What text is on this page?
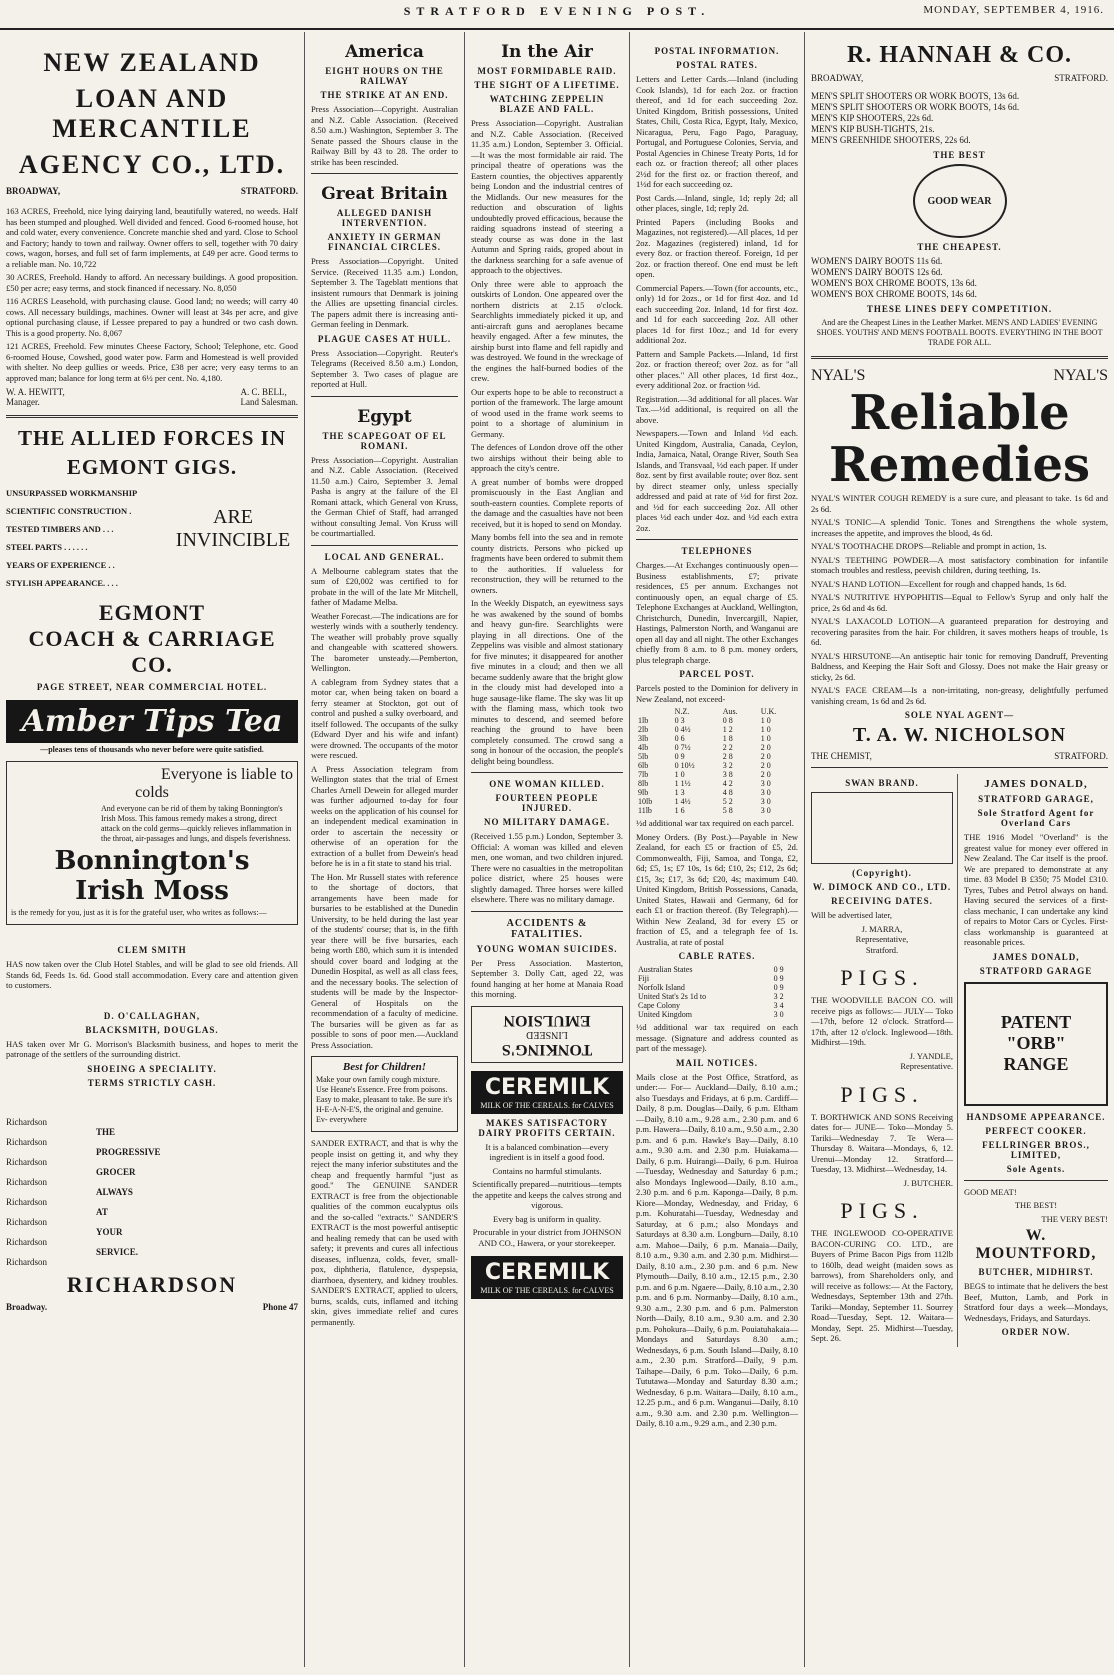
STRATFORD EVENING POST.	MONDAY, SEPTEMBER 4, 1916.
NEW ZEALAND
LOAN AND MERCANTILE
AGENCY CO., LTD.
BROADWAY,	STRATFORD.
163 ACRES, Freehold, nice lying dairying land, beautifully watered, no weeds. Half has been stumped and ploughed. Well divided and fenced. Good 6-roomed house, hot and cold water, every convenience. Concrete manchie shed and yard. Close to School and Factory; handy to town and railway. Owner offers to sell, together with 70 dairy cows, wagon, horses, and full set of farm implements, at £49 per acre. Good terms to a reliable man. No. 10,722
30 ACRES, Freehold. Handy to afford. An necessary buildings. A good proposition. £50 per acre; easy terms, and stock financed if necessary. No. 8,050
116 ACRES Leasehold, with purchasing clause. Good land; no weeds; will carry 40 cows. All necessary buildings, machines. Owner will least at 34s per acre, and give optional purchasing clause, if Lessee prepared to pay a hundred or two cash down. This is a good property. No. 8,067
121 ACRES, Freehold. Few minutes Cheese Factory, School; Telephone, etc. Good 6-roomed House, Cowshed, good water pow. Farm and Homestead is well provided with shelter. No deep gullies or weeds. Price, £38 per acre; very easy terms to an approved man; balance for long term at 6½ per cent. No. 4,180.
W. A. HEWITT,
Manager.
A. C. BELL,
Land Salesman.
THE ALLIED FORCES IN
EGMONT GIGS.
UNSURPASSED WORKMANSHIP
SCIENTIFIC CONSTRUCTION .
TESTED TIMBERS AND . . .
STEEL PARTS . . . . . .
YEARS OF EXPERIENCE . .
STYLISH APPEARANCE. . . .
ARE
INVINCIBLE
EGMONT
COACH & CARRIAGE CO.
PAGE STREET, NEAR COMMERCIAL HOTEL.
Amber Tips Tea
—pleases tens of thousands who never before were quite satisfied.
Everyone is liable to
colds
And everyone can be rid of them by taking Bonnington's Irish Moss. This famous remedy makes a strong, direct attack on the cold germs—quickly relieves inflammation in the throat, air-passages and lungs, and dispels feverishness.
Bonnington's
Irish Moss
is the remedy for you, just as it is for the grateful user, who writes as follows:—
CLEM SMITH
HAS now taken over the Club Hotel Stables, and will be glad to see old friends. All Stands 6d, Feeds 1s. 6d. Good stall accommodation. Every care and attention given to customers.
D. O'CALLAGHAN,
BLACKSMITH, DOUGLAS.
HAS taken over Mr G. Morrison's Blacksmith business, and hopes to merit the patronage of the settlers of the surrounding district.
SHOEING A SPECIALITY.
TERMS STRICTLY CASH.
Richardson
Richardson
Richardson
Richardson
Richardson
Richardson
Richardson
Richardson
THE
PROGRESSIVE
GROCER
ALWAYS
AT
YOUR
SERVICE.
RICHARDSON
Broadway.	Phone 47
America
EIGHT HOURS ON THE RAILWAY
THE STRIKE AT AN END.
Press Association—Copyright. Australian and N.Z. Cable Association. (Received 8.50 a.m.) Washington, September 3. The Senate passed the Shours clause in the Railway Bill by 43 to 28. The order to strike has been rescinded.
Great Britain
ALLEGED DANISH INTERVENTION.
ANXIETY IN GERMAN FINANCIAL CIRCLES.
Press Association—Copyright. United Service. (Received 11.35 a.m.) London, September 3. The Tageblatt mentions that insistent rumours that Denmark is joining the Allies are upsetting financial circles. The papers admit there is increasing anti-German feeling in Denmark.
PLAGUE CASES AT HULL.
Press Association—Copyright. Reuter's Telegrams (Received 8.50 a.m.) London, September 3. Two cases of plague are reported at Hull.
Egypt
THE SCAPEGOAT OF EL ROMANI.
Press Association—Copyright. Australian and N.Z. Cable Association. (Received 11.50 a.m.) Cairo, September 3. Jemal Pasha is angry at the failure of the El Romani attack, which General von Kruss, the German Chief of Staff, had arranged without consulting Jemal. Von Kruss will be courtmartialled.
LOCAL AND GENERAL.
A Melbourne cablegram states that the sum of £20,002 was certified to for probate in the will of the late Mr Mitchell, father of Madame Melba.
Weather Forecast.—The indications are for westerly winds with a southerly tendency. The weather will probably prove squally and changeable with scattered showers. The barometer unsteady.—Pemberton, Wellington.
A cablegram from Sydney states that a motor car, when being taken on board a ferry steamer at Stockton, got out of control and pushed a sulky overboard, and itself followed. The occupants of the sulky (Edward Dyer and his wife and infant) were drowned. The occupants of the motor were rescued.
A Press Association telegram from Wellington states that the trial of Ernest Charles Arnell Dewein for alleged murder was further adjourned to-day for four weeks on the application of his counsel for an independent medical examination in order to ascertain the necessity or otherwise of an operation for the extraction of a bullet from Dewein's head before he is in a fit state to stand his trial.
The Hon. Mr Russell states with reference to the shortage of doctors, that arrangements have been made for bursaries to be established at the Dunedin University, to be held during the last year of the students' course; that is, in the fifth year there will be five bursaries, each being worth £80, which sum it is intended should cover board and lodging at the Dunedin Hospital, as well as all class fees, and the necessary books. The selection of students will be made by the Inspector-General of Hospitals on the recommendation of a faculty of medicine. The bursaries will be given as far as possible to sons of poor men.—Auckland Press Association.
Best for Children!
Make your own family cough mixture. Use Heane's Essence. Free from poisons. Easy to make, pleasant to take. Be sure it's H-E-A-N-E'S, the original and genuine. Ev- everywhere
SANDER EXTRACT, and that is why the people insist on getting it, and why they reject the many inferior substitutes and the cheap and frequently harmful "just as good." The GENUINE SANDER EXTRACT is free from the objectionable qualities of the common eucalyptus oils and the so-called "extracts." SANDER'S EXTRACT is the most powerful antiseptic and healing remedy that can be used with safety; it prevents and cures all infectious diseases, influenza, colds, fever, small-pox, diphtheria, flatulence, dyspepsia, diarrhoea, dysentery, and kidney troubles. SANDER'S EXTRACT, applied to ulcers, burns, scalds, cuts, inflamed and itching skin, gives immediate relief and cures permanently.
In the Air
MOST FORMIDABLE RAID.
THE SIGHT OF A LIFETIME.
WATCHING ZEPPELIN BLAZE AND FALL.
Press Association—Copyright. Australian and N.Z. Cable Association. (Received 11.35 a.m.) London, September 3. Official.—It was the most formidable air raid. The principal theatre of operations was the Eastern counties, the objectives apparently being London and the industrial centres of the Midlands. Our new measures for the reduction and obscuration of lights undoubtedly proved efficacious, because the raiding squadrons instead of steering a steady course as was done in the last Autumn and Spring raids, groped about in the darkness searching for a safe avenue of approach to the objectives.
Only three were able to approach the outskirts of London. One appeared over the northern districts at 2.15 o'clock. Searchlights immediately picked it up, and anti-aircraft guns and aeroplanes became heavily engaged. After a few minutes, the airship burst into flame and fell rapidly and was destroyed. We found in the wreckage of the engines the half-burned bodies of the crew.
Our experts hope to be able to reconstruct a portion of the framework. The large amount of wood used in the frame work seems to point to a shortage of aluminium in Germany.
The defences of London drove off the other two airships without their being able to approach the city's centre.
A great number of bombs were dropped promiscuously in the East Anglian and south-eastern counties. Complete reports of the damage and the casualties have not been received, but it is hoped to send on Monday.
Many bombs fell into the sea and in remote county districts. Persons who picked up fragments have been ordered to submit them to the authorities. If valueless for reconstruction, they will be returned to the owners.
In the Weekly Dispatch, an eyewitness says he was awakened by the sound of bombs and heavy gun-fire. Searchlights were playing in all directions. One of the Zeppelins was visible and almost stationary for five minutes; it disappeared for another five minutes in a cloud; and then we all became suddenly aware that the bright glow in the cloudy mist had developed into a huge sausage-like flame. The sky was lit up with the flaming mass, which took two minutes to descend, and seemed before reaching the ground to have been completely consumed. The crowd sang a song in honour of the occasion, the people's delight being boundless.
ONE WOMAN KILLED.
FOURTEEN PEOPLE INJURED.
NO MILITARY DAMAGE.
(Received 1.55 p.m.) London, September 3. Official: A woman was killed and eleven men, one woman, and two children injured. There were no casualties in the metropolitan police district, where 25 houses were slightly damaged. Three horses were killed elsewhere. There was no military damage.
ACCIDENTS & FATALITIES.
YOUNG WOMAN SUICIDES.
Per Press Association. Masterton, September 3. Dolly Catt, aged 22, was found hanging at her home at Manaia Road this morning.
TONKING'S
LINSEED
EMULSION
CEREMILK
MILK OF THE CEREALS. for CALVES
MAKES SATISFACTORY DAIRY PROFITS CERTAIN.
It is a balanced combination—every ingredient is in itself a good food.
Contains no harmful stimulants.
Scientifically prepared—nutritious—tempts the appetite and keeps the calves strong and vigorous.
Every bag is uniform in quality.
Procurable in your district from JOHNSON AND CO., Hawera, or your storekeeper.
CEREMILK
MILK OF THE CEREALS. for CALVES
POSTAL INFORMATION.
POSTAL RATES.
Letters and Letter Cards.—Inland (including Cook Islands), 1d for each 2oz. or fraction thereof, and 1d for each succeeding 2oz. United Kingdom, British possessions, United States, Chili, Costa Rica, Egypt, Italy, Mexico, Nicaragua, Peru, Fago Pago, Paraguay, Portugal, and Portuguese Colonies, Servia, and Postal Agencies in Chinese Treaty Ports, 1d for each oz. or fraction thereof; all other places 2½d for the first oz. or fraction thereof, and 1½d for each succeeding oz.
Post Cards.—Inland, single, 1d; reply 2d; all other places, single, 1d; reply 2d.
Printed Papers (including Books and Magazines, not registered).—All places, 1d per 2oz. Magazines (registered) inland, 1d for every 8oz. or fraction thereof. Foreign, 1d per 2oz. or fraction thereof. One end must be left open.
Commercial Papers.—Town (for accounts, etc., only) 1d for 2ozs., or 1d for first 4oz. and 1d each succeeding 2oz. Inland, 1d for first 4oz. and 1d for each succeeding 2oz. All other places 1d for first 10oz.; and 1d for every additional 2oz.
Pattern and Sample Packets.—Inland, 1d first 2oz. or fraction thereof; over 2oz. as for "all other places." All other places, 1d first 4oz., every additional 2oz. or fraction ½d.
Registration.—3d additional for all places. War Tax.—½d additional, is required on all the above.
Newspapers.—Town and Inland ½d each. United Kingdom, Australia, Canada, Ceylon, India, Jamaica, Natal, Orange River, South Sea Islands, and Transvaal, ½d each paper. If under 8oz. sent by first available route; over 8oz. sent by direct steamer only, unless specially addressed and paid at rate of ½d for first 2oz. and ½d for each succeeding 2oz. All other places ½d each under 4oz. and ½d each extra 2oz.
TELEPHONES
Charges.—At Exchanges continuously open—Business establishments, £7; private residences, £5 per annum. Exchanges not continuously open, an equal charge of £5. Telephone Exchanges at Auckland, Wellington, Christchurch, Dunedin, Invercargill, Napier, Hastings, Palmerston North, and Wanganui are open all day and all night. The other Exchanges chiefly from 8 a.m. to 8 p.m. money orders, plus telegraph charge.
PARCEL POST.
Parcels posted to the Dominion for delivery in New Zealand, not exceed-
	N.Z.	Aus.	U.K.
1lb	0 3	0 8	1 0
2lb	0 4½	1 2	1 0
3lb	0 6	1 8	1 0
4lb	0 7½	2 2	2 0
5lb	0 9	2 8	2 0
6lb	0 10½	3 2	2 0
7lb	1 0	3 8	2 0
8lb	1 1½	4 2	3 0
9lb	1 3	4 8	3 0
10lb	1 4½	5 2	3 0
11lb	1 6	5 8	3 0
½d additional war tax required on each parcel.
Money Orders. (By Post.)—Payable in New Zealand, for each £5 or fraction of £5, 2d. Commonwealth, Fiji, Samoa, and Tonga, £2, 6d; £5, 1s; £7 10s, 1s 6d; £10, 2s; £12, 2s 6d; £15, 3s; £17, 3s 6d; £20, 4s; maximum £40. United Kingdom, British Possessions, Canada, United States, Hawaii and Germany, 6d for each £1 or fraction thereof. (By Telegraph).—Within New Zealand, 3d for every £5 or fraction of £5, and a telegraph fee of 1s. Australia, at rate of postal
CABLE RATES.
Australian States	0 9
Fiji	0 9
Norfolk Island	0 9
United Stat's 2s 1d to	3 2
Cape Colony	3 4
United Kingdom	3 0
½d additional war tax required on each message. (Signature and address counted as part of the message).
MAIL NOTICES.
Mails close at the Post Office, Stratford, as under:— For— Auckland—Daily, 8.10 a.m.; also Tuesdays and Fridays, at 6 p.m. Cardiff—Daily, 8 p.m. Douglas—Daily, 6 p.m. Eltham—Daily, 8.10 a.m., 9.28 a.m., 2.30 p.m. and 6 p.m. Hawera—Daily, 8.10 a.m., 9.50 a.m., 2.30 p.m. and 6 p.m. Hawke's Bay—Daily, 8.10 a.m., 9.30 a.m. and 2.30 p.m. Huiakama—Daily, 6 p.m. Huirangi—Daily, 6 p.m. Huiroa—Tuesday, Wednesday and Saturday 6 p.m.; also Mondays Inglewood—Daily, 8.10 a.m., 2.30 p.m. and 6 p.m. Kaponga—Daily, 8 p.m. Kiore—Monday, Wednesday, and Friday, 6 p.m. Kohuratahi—Tuesday, Wednesday and Saturday, at 6 p.m.; also Mondays and Saturdays at 8.30 a.m. Longburn—Daily, 8.10 a.m. Mahoe—Daily, 6 p.m. Manaia—Daily, 8.10 a.m., 9.30 a.m. and 2.30 p.m. Midhirst—Daily, 8.10 a.m., 2.30 p.m. and 6 p.m. New Plymouth—Daily, 8.10 a.m., 12.15 p.m., 2.30 p.m. and 6 p.m. Ngaere—Daily, 8.10 a.m., 2.30 p.m. and 6 p.m. Normanby—Daily, 8.10 a.m., 9.30 a.m., 2.30 p.m. and 6 p.m. Palmerston North—Daily, 8.10 a.m., 9.30 a.m. and 2.30 p.m. Pohokura—Daily, 6 p.m. Pouiatuhakaia—Mondays and Saturdays 8.30 a.m.; Wednesdays, 6 p.m. South Island—Daily, 8.10 a.m., 2.30 p.m. Stratford—Daily, 9 p.m. Taihape—Daily, 6 p.m. Toko—Daily, 6 p.m. Tututawa—Monday and Saturday 8.30 a.m.; Wednesday, 6 p.m. Waitara—Daily, 8.10 a.m., 12.25 p.m., and 6 p.m. Wanganui—Daily, 8.10 a.m., 9.30 a.m. and 2.30 p.m. Wellington—Daily, 8.10 a.m., 9.29 a.m., and 2.30 p.m.
R. HANNAH & CO.
BROADWAY,	STRATFORD.
MEN'S SPLIT SHOOTERS OR WORK BOOTS, 13s 6d.
MEN'S SPLIT SHOOTERS OR WORK BOOTS, 14s 6d.
MEN'S KIP SHOOTERS, 22s 6d.
MEN'S KIP BUSH-TIGHTS, 21s.
MEN'S GREENHIDE SHOOTERS, 22s 6d.
THE BEST
GOOD WEAR
THE CHEAPEST.
WOMEN'S DAIRY BOOTS 11s 6d.
WOMEN'S DAIRY BOOTS 12s 6d.
WOMEN'S BOX CHROME BOOTS, 13s 6d.
WOMEN'S BOX CHROME BOOTS, 14s 6d.
THESE LINES DEFY COMPETITION.
And are the Cheapest Lines in the Leather Market. MEN'S AND LADIES' EVENING SHOES. YOUTHS' AND MEN'S FOOTBALL BOOTS. EVERYTHING IN THE BOOT TRADE FOR ALL.
NYAL'S	NYAL'S
Reliable
Remedies
NYAL'S WINTER COUGH REMEDY is a sure cure, and pleasant to take. 1s 6d and 2s 6d.
NYAL'S TONIC—A splendid Tonic. Tones and Strengthens the whole system, increases the appetite, and improves the blood, 4s 6d.
NYAL'S TOOTHACHE DROPS—Reliable and prompt in action, 1s.
NYAL'S TEETHING POWDER—A most satisfactory combination for infantile stomach troubles and restless, peevish children, during teething, 1s.
NYAL'S HAND LOTION—Excellent for rough and chapped hands, 1s 6d.
NYAL'S NUTRITIVE HYPOPHITIS—Equal to Fellow's Syrup and only half the price, 2s 6d and 4s 6d.
NYAL'S LAXACOLD LOTION—A guaranteed preparation for destroying and recovering parasites from the hair. For children, it saves mothers heaps of trouble, 1s 6d.
NYAL'S HIRSUTONE—An antiseptic hair tonic for removing Dandruff, Preventing Baldness, and Keeping the Hair Soft and Glossy. Does not make the Hair greasy or sticky, 2s 6d.
NYAL'S FACE CREAM—Is a non-irritating, non-greasy, delightfully perfumed vanishing cream, 1s 6d and 2s 6d.
SOLE NYAL AGENT—
T. A. W. NICHOLSON
THE CHEMIST,	STRATFORD.
SWAN BRAND.
(Copyright).
W. DIMOCK AND CO., LTD.
RECEIVING DATES.
Will be advertised later,
J. MARRA,
Representative,
Stratford.
PIGS.
THE WOODVILLE BACON CO. will receive pigs as follows:— JULY— Toko—17th, before 12 o'clock. Stratford—17th, after 12 o'clock. Inglewood—18th. Midhirst—19th.
J. YANDLE,
Representative.
PIGS.
T. BORTHWICK AND SONS Receiving dates for— JUNE— Toko—Monday 5. Tariki—Wednesday 7. Te Wera—Thursday 8. Waitara—Mondays, 6, 12. Urenui—Monday 12. Stratford—Tuesday, 13. Midhirst—Wednesday, 14.
J. BUTCHER.
PIGS.
THE INGLEWOOD CO-OPERATIVE BACON-CURING CO. LTD., are Buyers of Prime Bacon Pigs from 112lb to 160lb, dead weight (maiden sows as barrows), from Shareholders only, and will receive as follows:— At the Factory, Wednesdays, September 13th and 27th. Tariki—Monday, September 11. Sourrey Road—Tuesday, Sept. 12. Waitara—Monday, Sept. 25. Midhirst—Tuesday, Sept. 26.
JAMES DONALD,
STRATFORD GARAGE,
Sole Stratford Agent for Overland Cars
THE 1916 Model "Overland" is the greatest value for money ever offered in New Zealand. The Car itself is the proof. We are prepared to demonstrate at any time. 83 Model B £350; 75 Model £310. Tyres, Tubes and Petrol always on hand. Having secured the services of a first-class mechanic, I can undertake any kind of repairs to Motor Cars or Cycles. First-class workmanship is guaranteed at reasonable prices.
JAMES DONALD,
STRATFORD GARAGE
PATENT
"ORB"
RANGE
HANDSOME APPEARANCE.
PERFECT COOKER.
FELLRINGER BROS., LIMITED,
Sole Agents.
GOOD MEAT!
THE BEST!
THE VERY BEST!
W. MOUNTFORD,
BUTCHER, MIDHIRST.
BEGS to intimate that he delivers the best Beef, Mutton, Lamb, and Pork in Stratford four days a week—Mondays, Wednesdays, Fridays, and Saturdays.
ORDER NOW.
